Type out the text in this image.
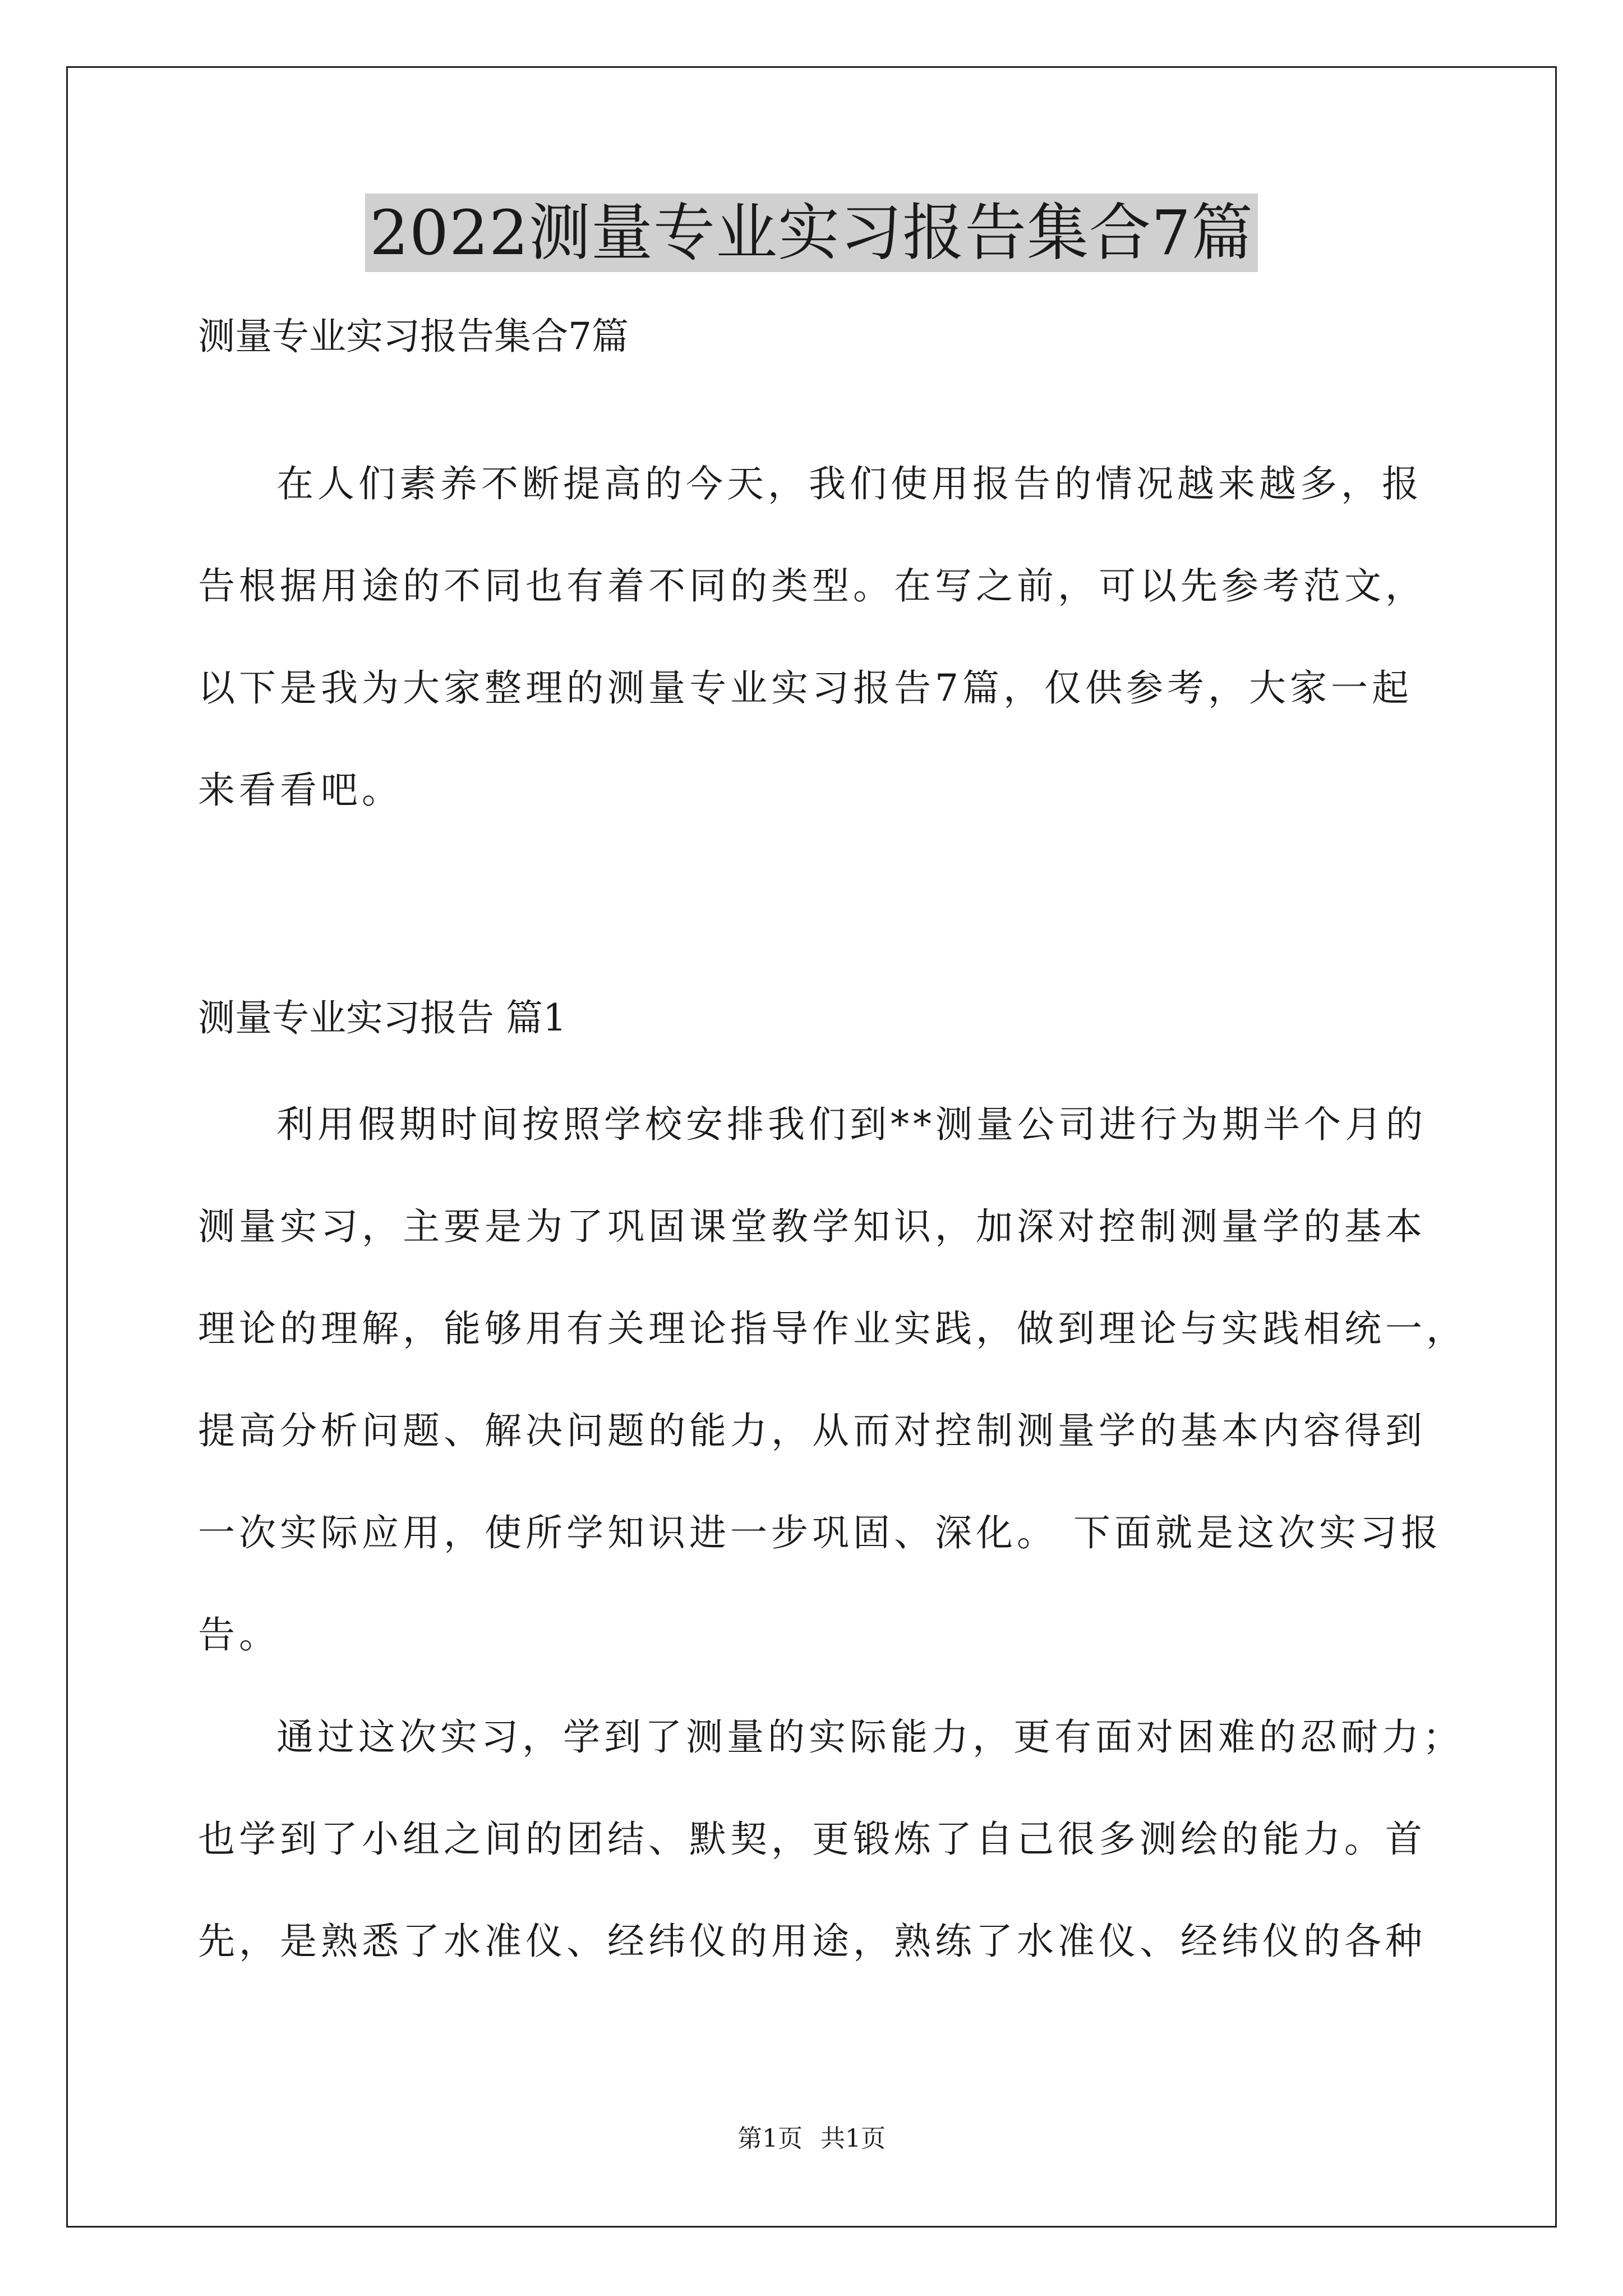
2022测量专业实习报告集合7篇
测量专业实习报告集合7篇
在人们素养不断提高的今天，我们使用报告的情况越来越多，报
告根据用途的不同也有着不同的类型。在写之前，可以先参考范文，
以下是我为大家整理的测量专业实习报告7篇，仅供参考，大家一起
来看看吧。
测量专业实习报告 篇1
利用假期时间按照学校安排我们到**测量公司进行为期半个月的
测量实习，主要是为了巩固课堂教学知识，加深对控制测量学的基本
理论的理解，能够用有关理论指导作业实践，做到理论与实践相统一，
提高分析问题、解决问题的能力，从而对控制测量学的基本内容得到
一次实际应用，使所学知识进一步巩固、深化。 下面就是这次实习报
告。
通过这次实习，学到了测量的实际能力，更有面对困难的忍耐力；
也学到了小组之间的团结、默契，更锻炼了自己很多测绘的能力。首
先，是熟悉了水准仪、经纬仪的用途，熟练了水准仪、经纬仪的各种
第1页 共1页
